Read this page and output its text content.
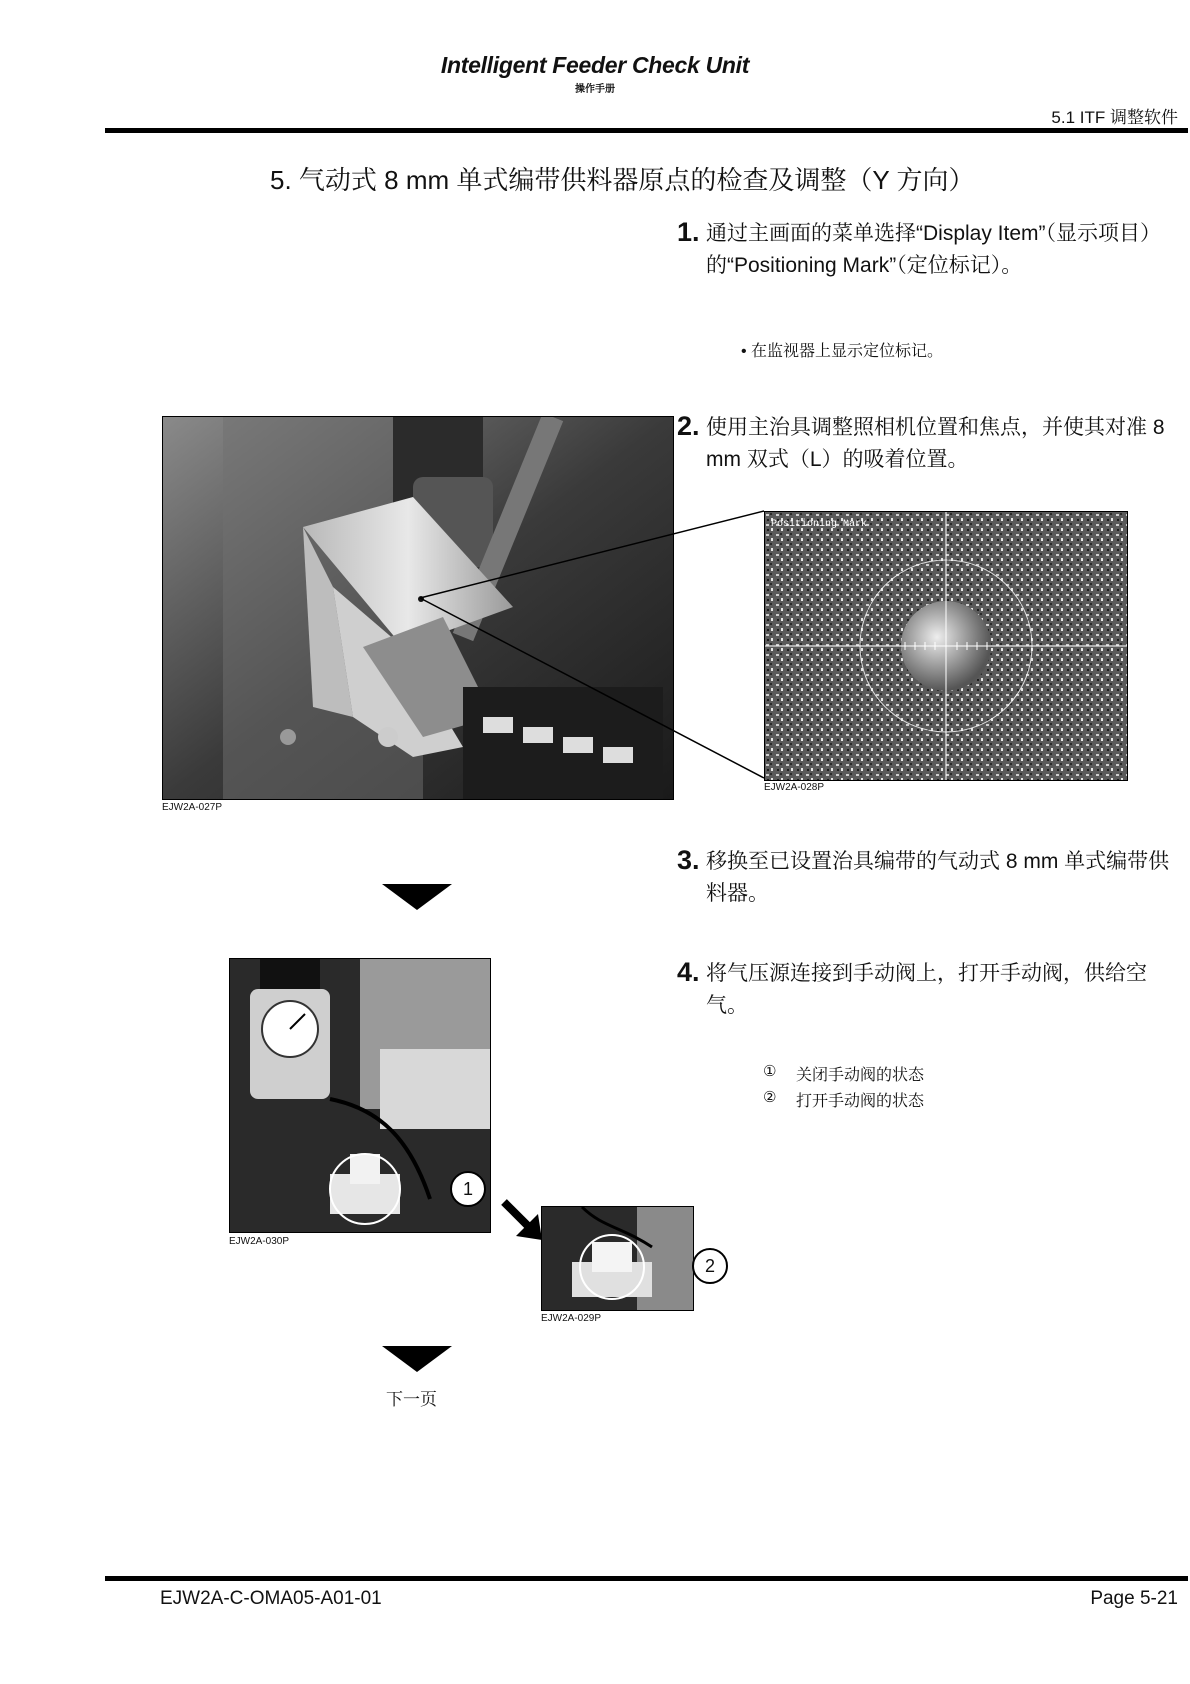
Intelligent Feeder Check Unit
操作手册
5.1 ITF 调整软件
5. 气动式 8 mm 单式编带供料器原点的检查及调整（Y 方向）
1. 通过主画面的菜单选择“Display Item”（显示项目）的“Positioning Mark”（定位标记）。
• 在监视器上显示定位标记。
2. 使用主治具调整照相机位置和焦点，并使其对准 8 mm 双式（L）的吸着位置。
3. 移换至已设置治具编带的气动式 8 mm 单式编带供料器。
4. 将气压源连接到手动阀上，打开手动阀，供给空气。
① 关闭手动阀的状态
② 打开手动阀的状态
EJW2A-027P
Positioning Mark
EJW2A-028P
1
EJW2A-030P
2
EJW2A-029P
下一页
EJW2A-C-OMA05-A01-01	Page 5-21
